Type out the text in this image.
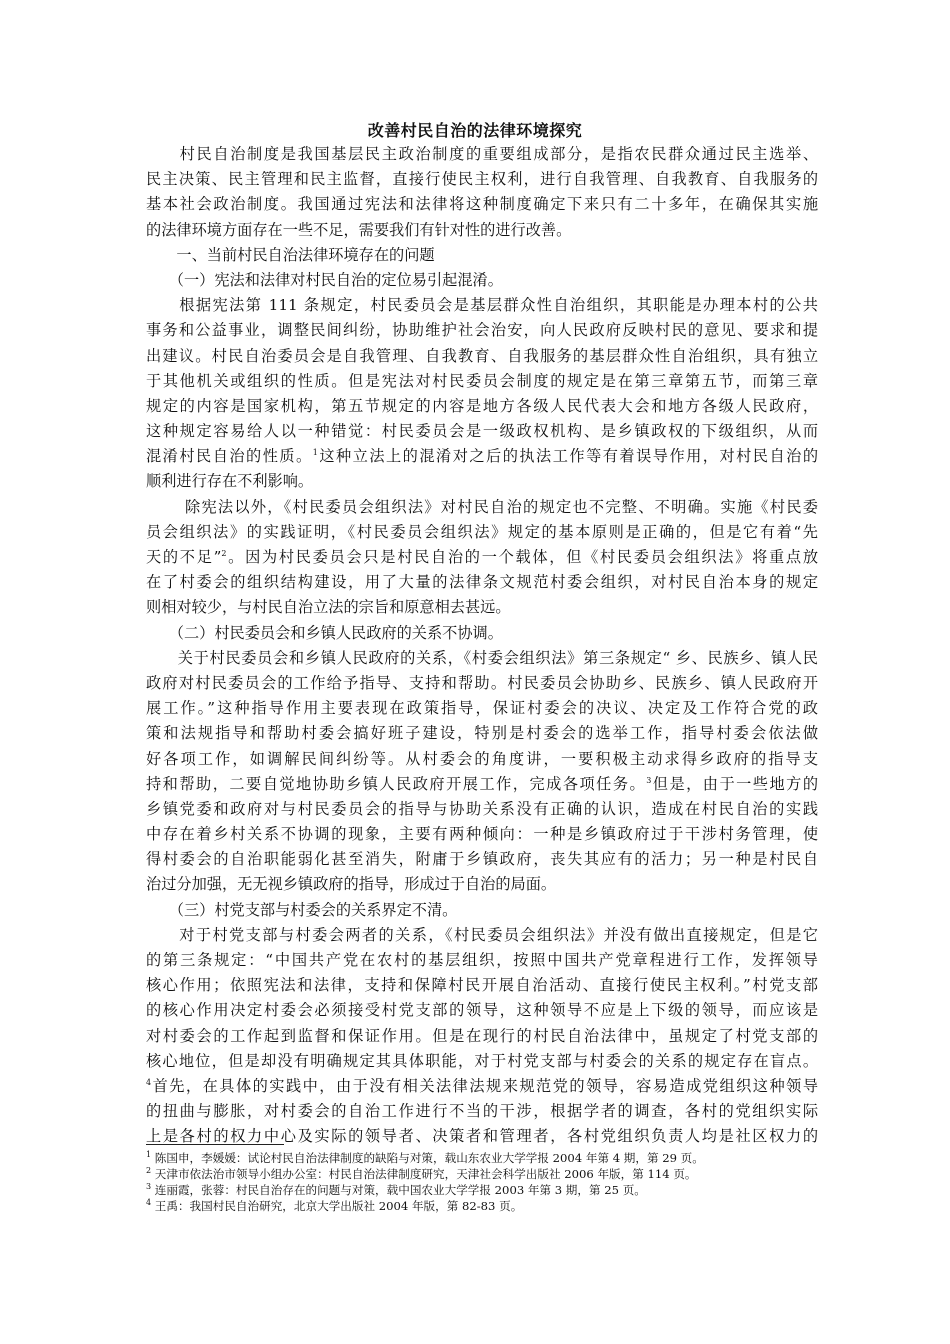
改善村民自治的法律环境探究
　　村民自治制度是我国基层民主政治制度的重要组成部分，是指农民群众通过民主选举、
民主决策、民主管理和民主监督，直接行使民主权利，进行自我管理、自我教育、自我服务的
基本社会政治制度。我国通过宪法和法律将这种制度确定下来只有二十多年，在确保其实施
的法律环境方面存在一些不足，需要我们有针对性的进行改善。
　　一、当前村民自治法律环境存在的问题
　　（一）宪法和法律对村民自治的定位易引起混淆。
　　根据宪法第 111 条规定，村民委员会是基层群众性自治组织，其职能是办理本村的公共
事务和公益事业，调整民间纠纷，协助维护社会治安，向人民政府反映村民的意见、要求和提
出建议。村民自治委员会是自我管理、自我教育、自我服务的基层群众性自治组织，具有独立
于其他机关或组织的性质。但是宪法对村民委员会制度的规定是在第三章第五节，而第三章
规定的内容是国家机构，第五节规定的内容是地方各级人民代表大会和地方各级人民政府，
这种规定容易给人以一种错觉：村民委员会是一级政权机构、是乡镇政权的下级组织，从而
混淆村民自治的性质。$^1$这种立法上的混淆对之后的执法工作等有着误导作用，对村民自治的
顺利进行存在不利影响。
　　 除宪法以外，《村民委员会组织法》对村民自治的规定也不完整、不明确。实施《村民委
员会组织法》的实践证明，《村民委员会组织法》规定的基本原则是正确的，但是它有着“先
天的不足”$^2$。因为村民委员会只是村民自治的一个载体，但《村民委员会组织法》将重点放
在了村委会的组织结构建设，用了大量的法律条文规范村委会组织，对村民自治本身的规定
则相对较少，与村民自治立法的宗旨和原意相去甚远。
　　（二）村民委员会和乡镇人民政府的关系不协调。
　　关于村民委员会和乡镇人民政府的关系，《村委会组织法》第三条规定“ 乡、民族乡、镇人民
政府对村民委员会的工作给予指导、支持和帮助。村民委员会协助乡、民族乡、镇人民政府开
展工作。”这种指导作用主要表现在政策指导，保证村委会的决议、决定及工作符合党的政
策和法规指导和帮助村委会搞好班子建设，特别是村委会的选举工作，指导村委会依法做
好各项工作，如调解民间纠纷等。从村委会的角度讲，一要积极主动求得乡政府的指导支
持和帮助，二要自觉地协助乡镇人民政府开展工作，完成各项任务。$^3$但是，由于一些地方的
乡镇党委和政府对与村民委员会的指导与协助关系没有正确的认识，造成在村民自治的实践
中存在着乡村关系不协调的现象，主要有两种倾向：一种是乡镇政府过于干涉村务管理，使
得村委会的自治职能弱化甚至消失，附庸于乡镇政府，丧失其应有的活力；另一种是村民自
治过分加强，无无视乡镇政府的指导，形成过于自治的局面。
　　（三）村党支部与村委会的关系界定不清。
　　对于村党支部与村委会两者的关系，《村民委员会组织法》并没有做出直接规定，但是它
的第三条规定：“中国共产党在农村的基层组织，按照中国共产党章程进行工作，发挥领导
核心作用；依照宪法和法律，支持和保障村民开展自治活动、直接行使民主权利。”村党支部
的核心作用决定村委会必须接受村党支部的领导，这种领导不应是上下级的领导，而应该是
对村委会的工作起到监督和保证作用。但是在现行的村民自治法律中，虽规定了村党支部的
核心地位，但是却没有明确规定其具体职能，对于村党支部与村委会的关系的规定存在盲点。
$^4$首先，在具体的实践中，由于没有相关法律法规来规范党的领导，容易造成党组织这种领导
的扭曲与膨胀，对村委会的自治工作进行不当的干涉，根据学者的调查，各村的党组织实际
上是各村的权力中心及实际的领导者、决策者和管理者，各村党组织负责人均是社区权力的
$^1$ 陈国申，李媛媛：试论村民自治法律制度的缺陷与对策，载山东农业大学学报 2004 年第 4 期，第 29 页。
$^2$ 天津市依法治市领导小组办公室：村民自治法律制度研究，天津社会科学出版社 2006 年版，第 114 页。
$^3$ 连丽霞，张蓉：村民自治存在的问题与对策，载中国农业大学学报 2003 年第 3 期，第 25 页。
$^4$ 王禹：我国村民自治研究，北京大学出版社 2004 年版，第 82-83 页。
